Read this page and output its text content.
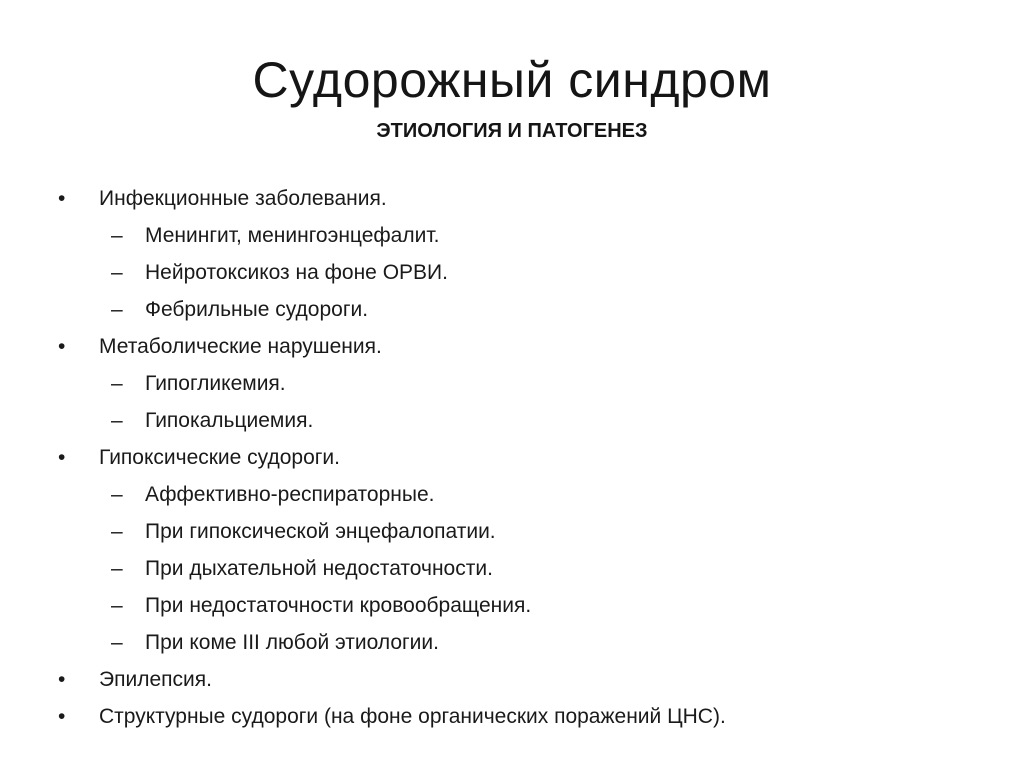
Судорожный синдром
ЭТИОЛОГИЯ И ПАТОГЕНЕЗ
• Инфекционные заболевания.
– Менингит, менингоэнцефалит.
– Нейротоксикоз на фоне ОРВИ.
– Фебрильные судороги.
• Метаболические нарушения.
– Гипогликемия.
– Гипокальциемия.
• Гипоксические судороги.
– Аффективно-респираторные.
– При гипоксической энцефалопатии.
– При дыхательной недостаточности.
– При недостаточности кровообращения.
– При коме III любой этиологии.
• Эпилепсия.
• Структурные судороги (на фоне органических поражений ЦНС).
